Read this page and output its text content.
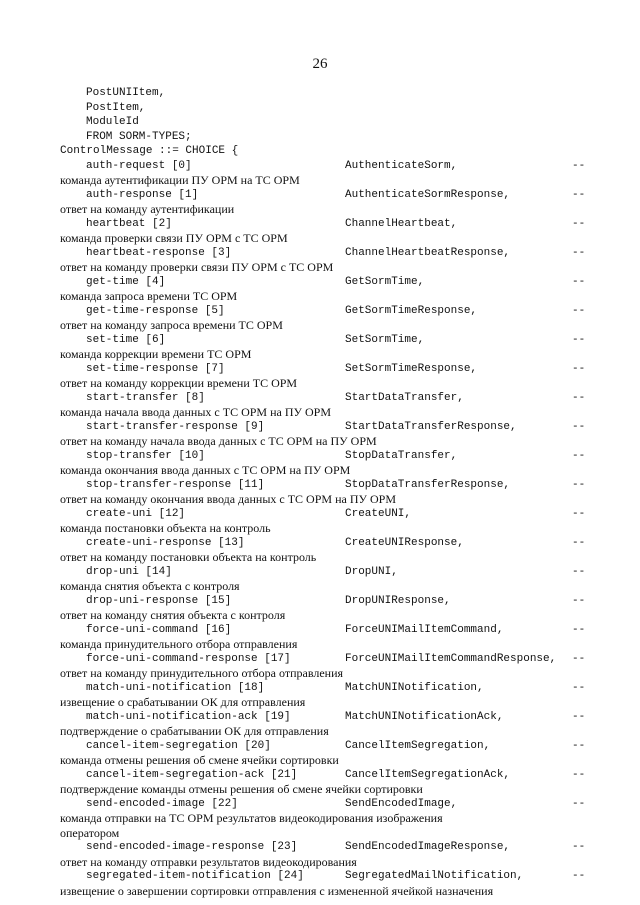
26
PostUNIItem,
PostItem,
ModuleId
FROM SORM-TYPES;
ControlMessage ::= CHOICE {
auth-request [0]	AuthenticateSorm,	--
команда аутентификации ПУ ОРМ на ТС ОРМ
auth-response [1]	AuthenticateSormResponse,	--
ответ на команду аутентификации
heartbeat [2]	ChannelHeartbeat,	--
команда проверки связи ПУ ОРМ с ТС ОРМ
heartbeat-response [3]	ChannelHeartbeatResponse,	--
ответ на команду проверки связи ПУ ОРМ с ТС ОРМ
get-time [4]	GetSormTime,	--
команда запроса времени ТС ОРМ
get-time-response [5]	GetSormTimeResponse,	--
ответ на команду запроса времени ТС ОРМ
set-time [6]	SetSormTime,	--
команда коррекции времени ТС ОРМ
set-time-response [7]	SetSormTimeResponse,	--
ответ на команду коррекции времени ТС ОРМ
start-transfer [8]	StartDataTransfer,	--
команда начала ввода данных с ТС ОРМ на ПУ ОРМ
start-transfer-response [9]	StartDataTransferResponse,	--
ответ на команду начала ввода данных с ТС ОРМ на ПУ ОРМ
stop-transfer [10]	StopDataTransfer,	--
команда окончания ввода данных с ТС ОРМ на ПУ ОРМ
stop-transfer-response [11]	StopDataTransferResponse,	--
ответ на команду окончания ввода данных с ТС ОРМ на ПУ ОРМ
create-uni [12]	CreateUNI,	--
команда постановки объекта на контроль
create-uni-response [13]	CreateUNIResponse,	--
ответ на команду постановки объекта на контроль
drop-uni [14]	DropUNI,	--
команда снятия объекта с контроля
drop-uni-response [15]	DropUNIResponse,	--
ответ на команду снятия объекта с контроля
force-uni-command [16]	ForceUNIMailItemCommand,	--
команда принудительного отбора отправления
force-uni-command-response [17]	ForceUNIMailItemCommandResponse, --
ответ на команду принудительного отбора отправления
match-uni-notification [18]	MatchUNINotification,	--
извещение о срабатывании ОК для отправления
match-uni-notification-ack [19]	MatchUNINotificationAck,	--
подтверждение о срабатывании ОК для отправления
cancel-item-segregation [20]	CancelItemSegregation,	--
команда отмены решения об смене ячейки сортировки
cancel-item-segregation-ack [21]	CancelItemSegregationAck,	--
подтверждение команды отмены решения об смене ячейки сортировки
send-encoded-image [22]	SendEncodedImage,	--
команда отправки на ТС ОРМ результатов видеокодирования изображения
оператором
send-encoded-image-response [23]	SendEncodedImageResponse,	--
ответ на команду отправки результатов видеокодирования
segregated-item-notification [24]	SegregatedMailNotification,	--
извещение о завершении сортировки отправления с измененной ячейкой назначения
